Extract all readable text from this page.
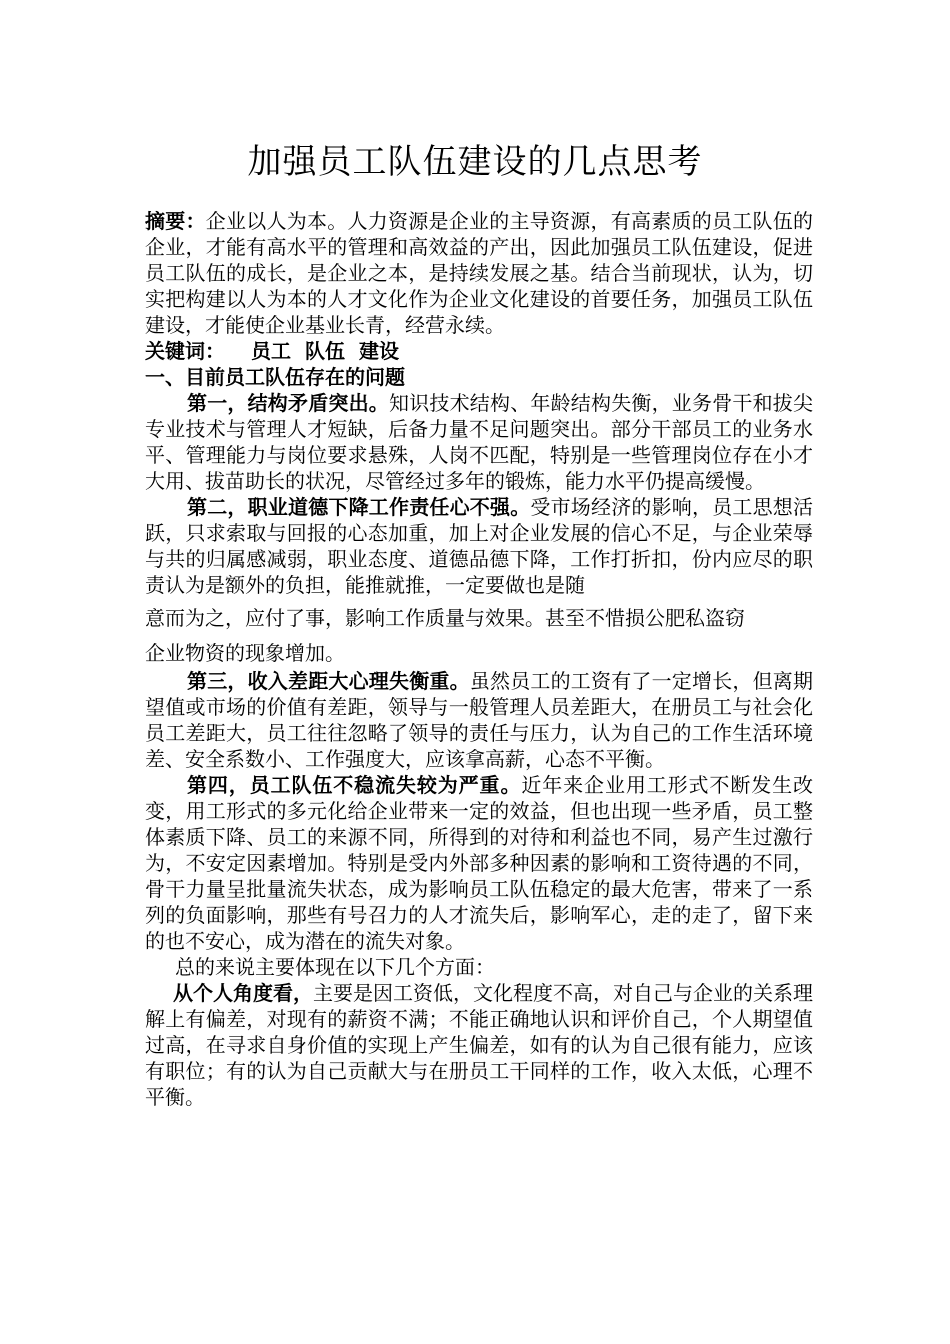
加强员工队伍建设的几点思考

摘要：企业以人为本。人力资源是企业的主导资源，有高素质的员工队伍的企业，才能有高水平的管理和高效益的产出，因此加强员工队伍建设，促进员工队伍的成长，是企业之本，是持续发展之基。结合当前现状，认为，切实把构建以人为本的人才文化作为企业文化建设的首要任务，加强员工队伍建设，才能使企业基业长青，经营永续。

关键词： 员工 队伍 建设

一、目前员工队伍存在的问题

第一，结构矛盾突出。知识技术结构、年龄结构失衡，业务骨干和拔尖专业技术与管理人才短缺，后备力量不足问题突出。部分干部员工的业务水平、管理能力与岗位要求悬殊，人岗不匹配，特别是一些管理岗位存在小才大用、拔苗助长的状况，尽管经过多年的锻炼，能力水平仍提高缓慢。

第二，职业道德下降工作责任心不强。受市场经济的影响，员工思想活跃，只求索取与回报的心态加重，加上对企业发展的信心不足，与企业荣辱与共的归属感减弱，职业态度、道德品德下降，工作打折扣，份内应尽的职责认为是额外的负担，能推就推，一定要做也是随

意而为之，应付了事，影响工作质量与效果。甚至不惜损公肥私盗窃

企业物资的现象增加。

第三，收入差距大心理失衡重。虽然员工的工资有了一定增长，但离期望值或市场的价值有差距，领导与一般管理人员差距大，在册员工与社会化员工差距大，员工往往忽略了领导的责任与压力，认为自己的工作生活环境差、安全系数小、工作强度大，应该拿高薪，心态不平衡。

第四，员工队伍不稳流失较为严重。近年来企业用工形式不断发生改变，用工形式的多元化给企业带来一定的效益，但也出现一些矛盾，员工整体素质下降、员工的来源不同，所得到的对待和利益也不同，易产生过激行为，不安定因素增加。特别是受内外部多种因素的影响和工资待遇的不同，骨干力量呈批量流失状态，成为影响员工队伍稳定的最大危害，带来了一系列的负面影响，那些有号召力的人才流失后，影响军心，走的走了，留下来的也不安心，成为潜在的流失对象。

总的来说主要体现在以下几个方面：

从个人角度看，主要是因工资低，文化程度不高，对自己与企业的关系理解上有偏差，对现有的薪资不满；不能正确地认识和评价自己，个人期望值过高，在寻求自身价值的实现上产生偏差，如有的认为自己很有能力，应该有职位；有的认为自己贡献大与在册员工干同样的工作，收入太低，心理不平衡。
